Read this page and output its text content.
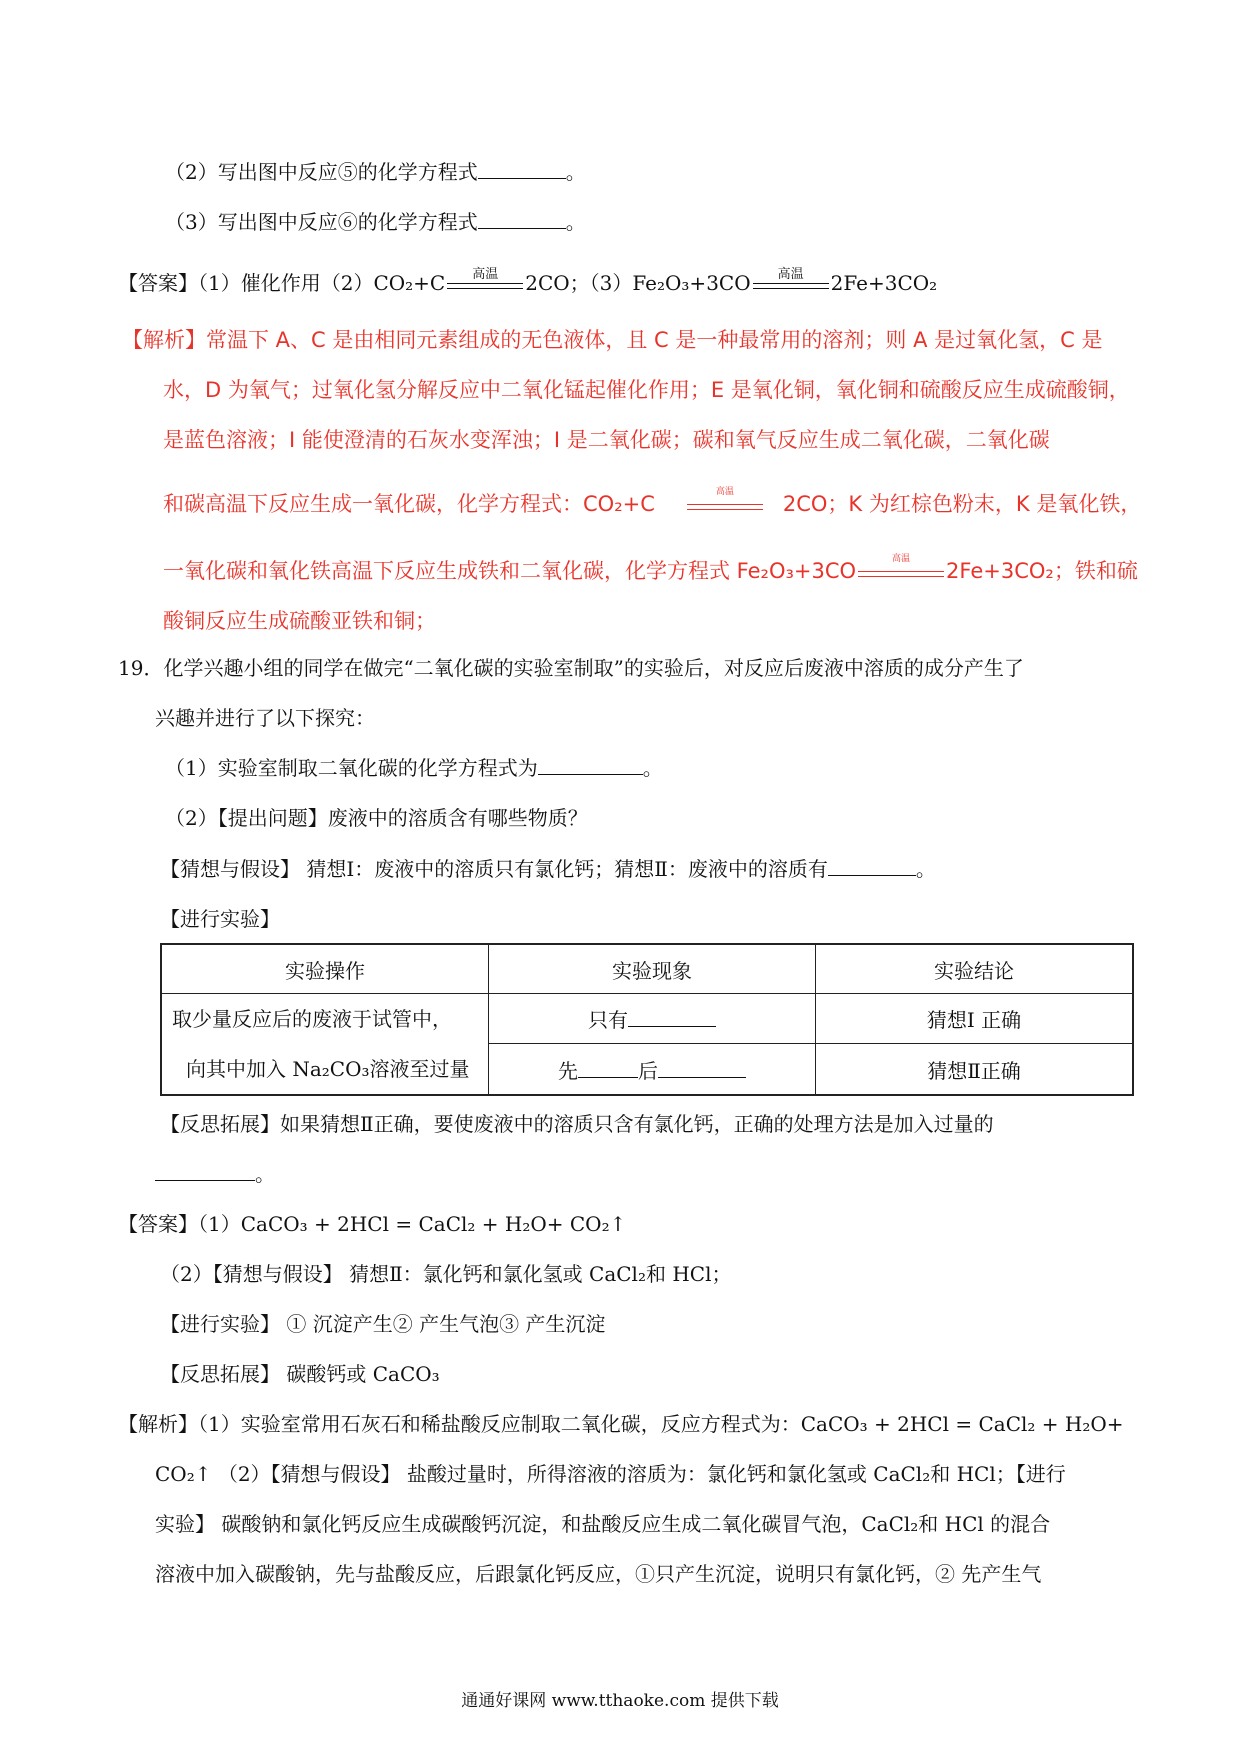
（2）写出图中反应⑤的化学方程式	。
（3）写出图中反应⑥的化学方程式	。
【答案】（1）催化作用（2）CO₂+C	高温	2CO；（3）Fe₂O₃+3CO	高温	2Fe+3CO₂
【解析】常温下 A、C 是由相同元素组成的无色液体，且 C 是一种最常用的溶剂；则 A 是过氧化氢，C 是
水，D 为氧气；过氧化氢分解反应中二氧化锰起催化作用；E 是氧化铜，氧化铜和硫酸反应生成硫酸铜，
是蓝色溶液；I 能使澄清的石灰水变浑浊；I 是二氧化碳；碳和氧气反应生成二氧化碳，二氧化碳
和碳高温下反应生成一氧化碳，化学方程式：CO₂+C	高温	2CO；K 为红棕色粉末，K 是氧化铁，
一氧化碳和氧化铁高温下反应生成铁和二氧化碳，化学方程式 Fe₂O₃+3CO	高温	2Fe+3CO₂；铁和硫
酸铜反应生成硫酸亚铁和铜；
19．化学兴趣小组的同学在做完“二氧化碳的实验室制取”的实验后，对反应后废液中溶质的成分产生了
兴趣并进行了以下探究：
（1）实验室制取二氧化碳的化学方程式为	。
（2）【提出问题】废液中的溶质含有哪些物质？
【猜想与假设】 猜想Ⅰ：废液中的溶质只有氯化钙；猜想Ⅱ：废液中的溶质有	。
【进行实验】
实验操作	实验现象	实验结论

取少量反应后的废液于试管中，
向其中加入 Na₂CO₃溶液至过量	只有	猜想Ⅰ 正确
	先 后	猜想Ⅱ正确
【反思拓展】如果猜想Ⅱ正确，要使废液中的溶质只含有氯化钙，正确的处理方法是加入过量的
。
【答案】（1）CaCO₃ + 2HCl = CaCl₂ + H₂O+ CO₂↑
（2）【猜想与假设】 猜想Ⅱ：氯化钙和氯化氢或 CaCl₂和 HCl；
【进行实验】 ① 沉淀产生② 产生气泡③ 产生沉淀
【反思拓展】 碳酸钙或 CaCO₃
【解析】（1）实验室常用石灰石和稀盐酸反应制取二氧化碳，反应方程式为：CaCO₃ + 2HCl = CaCl₂ + H₂O+
CO₂↑ （2）【猜想与假设】 盐酸过量时，所得溶液的溶质为：氯化钙和氯化氢或 CaCl₂和 HCl；【进行
实验】 碳酸钠和氯化钙反应生成碳酸钙沉淀，和盐酸反应生成二氧化碳冒气泡，CaCl₂和 HCl 的混合
溶液中加入碳酸钠，先与盐酸反应，后跟氯化钙反应，①只产生沉淀，说明只有氯化钙，② 先产生气
通通好课网 www.tthaoke.com 提供下载
